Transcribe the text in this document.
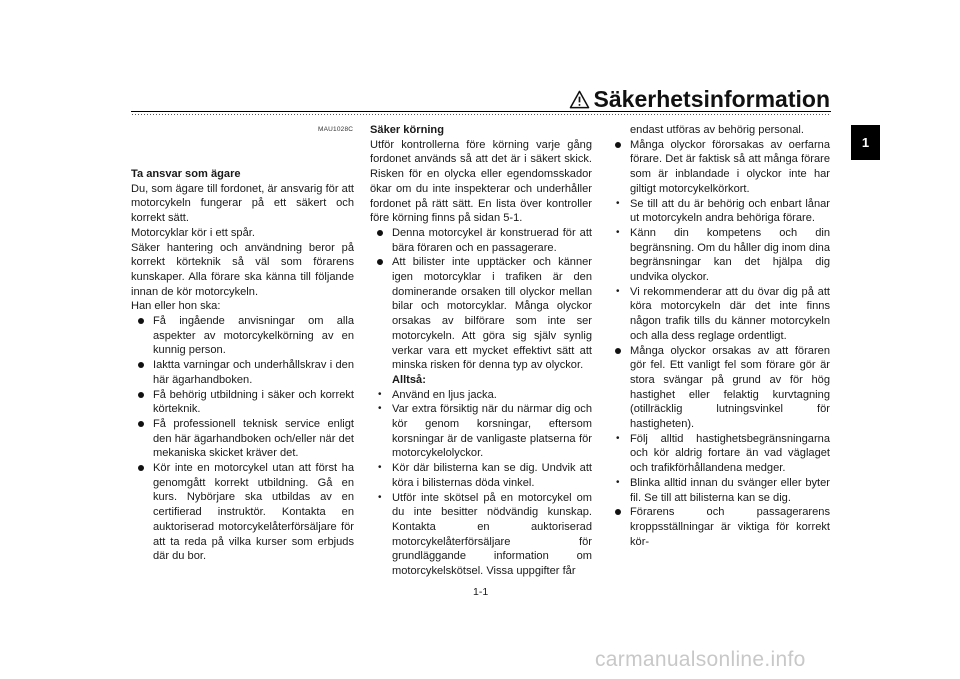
Säkerhetsinformation
1
MAU1028C

Ta ansvar som ägare

Du, som ägare till fordonet, är ansvarig för att motorcykeln fungerar på ett säkert och korrekt sätt.

Motorcyklar kör i ett spår.

Säker hantering och användning beror på korrekt körteknik så väl som förarens kunskaper. Alla förare ska känna till följande innan de kör motorcykeln.

Han eller hon ska:

Få ingående anvisningar om alla aspekter av motorcykelkörning av en kunnig person.

Iaktta varningar och underhållskrav i den här ägarhandboken.

Få behörig utbildning i säker och korrekt körteknik.

Få professionell teknisk service enligt den här ägarhandboken och/eller när det mekaniska skicket kräver det.

Kör inte en motorcykel utan att först ha genomgått korrekt utbildning. Gå en kurs. Nybörjare ska utbildas av en certifierad instruktör. Kontakta en auktoriserad motorcykelåterförsäljare för att ta reda på vilka kurser som erbjuds där du bor.

Säker körning

Utför kontrollerna före körning varje gång fordonet används så att det är i säkert skick. Risken för en olycka eller egendomsskador ökar om du inte inspekterar och underhåller fordonet på rätt sätt. En lista över kontroller före körning finns på sidan 5-1.

Denna motorcykel är konstruerad för att bära föraren och en passagerare.

Att bilister inte upptäcker och känner igen motorcyklar i trafiken är den dominerande orsaken till olyckor mellan bilar och motorcyklar. Många olyckor orsakas av bilförare som inte ser motorcykeln. Att göra sig själv synlig verkar vara ett mycket effektivt sätt att minska risken för denna typ av olyckor.

Alltså:

• Använd en ljus jacka.

• Var extra försiktig när du närmar dig och kör genom korsningar, eftersom korsningar är de vanligaste platserna för motorcykelolyckor.

• Kör där bilisterna kan se dig. Undvik att köra i bilisternas döda vinkel.

• Utför inte skötsel på en motorcykel om du inte besitter nödvändig kunskap. Kontakta en auktoriserad motorcykelåterförsäljare för grundläggande information om motorcykelskötsel. Vissa uppgifter får

endast utföras av behörig personal.

Många olyckor förorsakas av oerfarna förare. Det är faktisk så att många förare som är inblandade i olyckor inte har giltigt motorcykelkörkort.

• Se till att du är behörig och enbart lånar ut motorcykeln andra behöriga förare.

• Känn din kompetens och din begränsning. Om du håller dig inom dina begränsningar kan det hjälpa dig undvika olyckor.

• Vi rekommenderar att du övar dig på att köra motorcykeln där det inte finns någon trafik tills du känner motorcykeln och alla dess reglage ordentligt.

Många olyckor orsakas av att föraren gör fel. Ett vanligt fel som förare gör är stora svängar på grund av för hög hastighet eller felaktig kurvtagning (otillräcklig lutningsvinkel för hastigheten).

• Följ alltid hastighetsbegränsningarna och kör aldrig fortare än vad väglaget och trafikförhållandena medger.

• Blinka alltid innan du svänger eller byter fil. Se till att bilisterna kan se dig.

Förarens och passagerarens kroppsställningar är viktiga för korrekt kör-

1-1
carmanualsonline.info
